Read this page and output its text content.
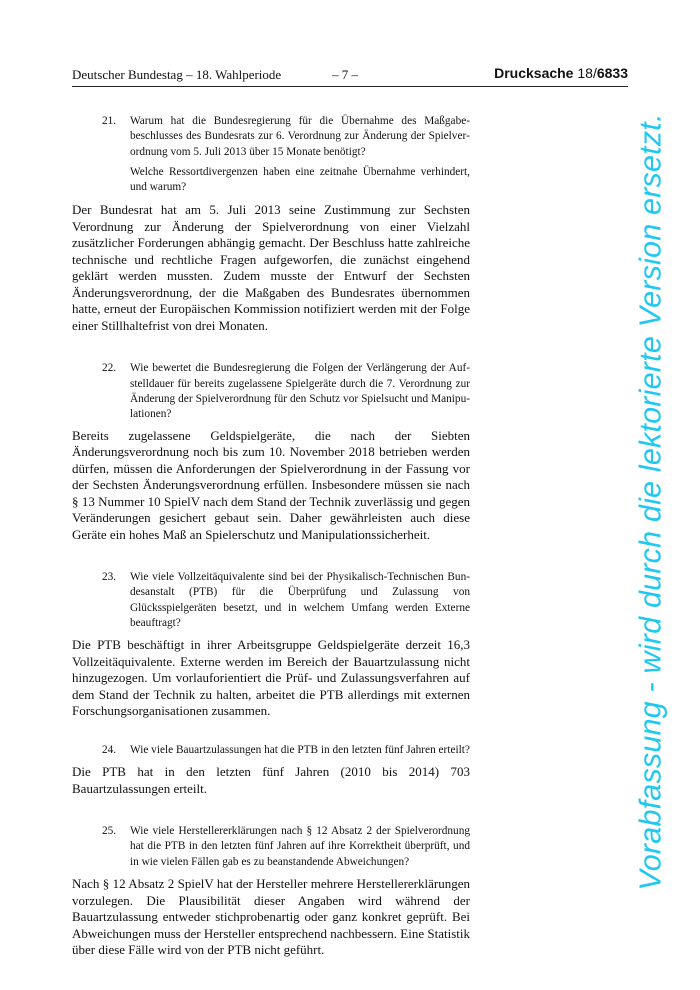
Deutscher Bundestag – 18. Wahlperiode	– 7 –	Drucksache 18/6833
21.	Warum hat die Bundesregierung für die Übernahme des Maßgabebeschlusses des Bundesrats zur 6. Verordnung zur Änderung der Spielverordnung vom 5. Juli 2013 über 15 Monate benötigt?

Welche Ressortdivergenzen haben eine zeitnahe Übernahme verhindert, und warum?

Der Bundesrat hat am 5. Juli 2013 seine Zustimmung zur Sechsten Verordnung zur Änderung der Spielverordnung von einer Vielzahl zusätzlicher Forderungen abhängig gemacht. Der Beschluss hatte zahlreiche technische und rechtliche Fragen aufgeworfen, die zunächst eingehend geklärt werden mussten. Zudem musste der Entwurf der Sechsten Änderungsverordnung, der die Maßgaben des Bundesrates übernommen hatte, erneut der Europäischen Kommission notifiziert werden mit der Folge einer Stillhaltefrist von drei Monaten.

22.	Wie bewertet die Bundesregierung die Folgen der Verlängerung der Aufstelldauer für bereits zugelassene Spielgeräte durch die 7. Verordnung zur Änderung der Spielverordnung für den Schutz vor Spielsucht und Manipulationen?

Bereits zugelassene Geldspielgeräte, die nach der Siebten Änderungsverordnung noch bis zum 10. November 2018 betrieben werden dürfen, müssen die Anforderungen der Spielverordnung in der Fassung vor der Sechsten Änderungsverordnung erfüllen. Insbesondere müssen sie nach § 13 Nummer 10 SpielV nach dem Stand der Technik zuverlässig und gegen Veränderungen gesichert gebaut sein. Daher gewährleisten auch diese Geräte ein hohes Maß an Spielerschutz und Manipulationssicherheit.

23.	Wie viele Vollzeitäquivalente sind bei der Physikalisch-Technischen Bundesanstalt (PTB) für die Überprüfung und Zulassung von Glücksspielgeräten besetzt, und in welchem Umfang werden Externe beauftragt?

Die PTB beschäftigt in ihrer Arbeitsgruppe Geldspielgeräte derzeit 16,3 Vollzeitäquivalente. Externe werden im Bereich der Bauartzulassung nicht hinzugezogen. Um vorlauforientiert die Prüf- und Zulassungsverfahren auf dem Stand der Technik zu halten, arbeitet die PTB allerdings mit externen Forschungsorganisationen zusammen.

24.	Wie viele Bauartzulassungen hat die PTB in den letzten fünf Jahren erteilt?

Die PTB hat in den letzten fünf Jahren (2010 bis 2014) 703 Bauartzulassungen erteilt.

25.	Wie viele Herstellererklärungen nach § 12 Absatz 2 der Spielverordnung hat die PTB in den letzten fünf Jahren auf ihre Korrektheit überprüft, und in wie vielen Fällen gab es zu beanstandende Abweichungen?

Nach § 12 Absatz 2 SpielV hat der Hersteller mehrere Herstellererklärungen vorzulegen. Die Plausibilität dieser Angaben wird während der Bauartzulassung entweder stichprobenartig oder ganz konkret geprüft. Bei Abweichungen muss der Hersteller entsprechend nachbessern. Eine Statistik über diese Fälle wird von der PTB nicht geführt.

Vorabfassung - wird durch die lektorierte Version ersetzt.
